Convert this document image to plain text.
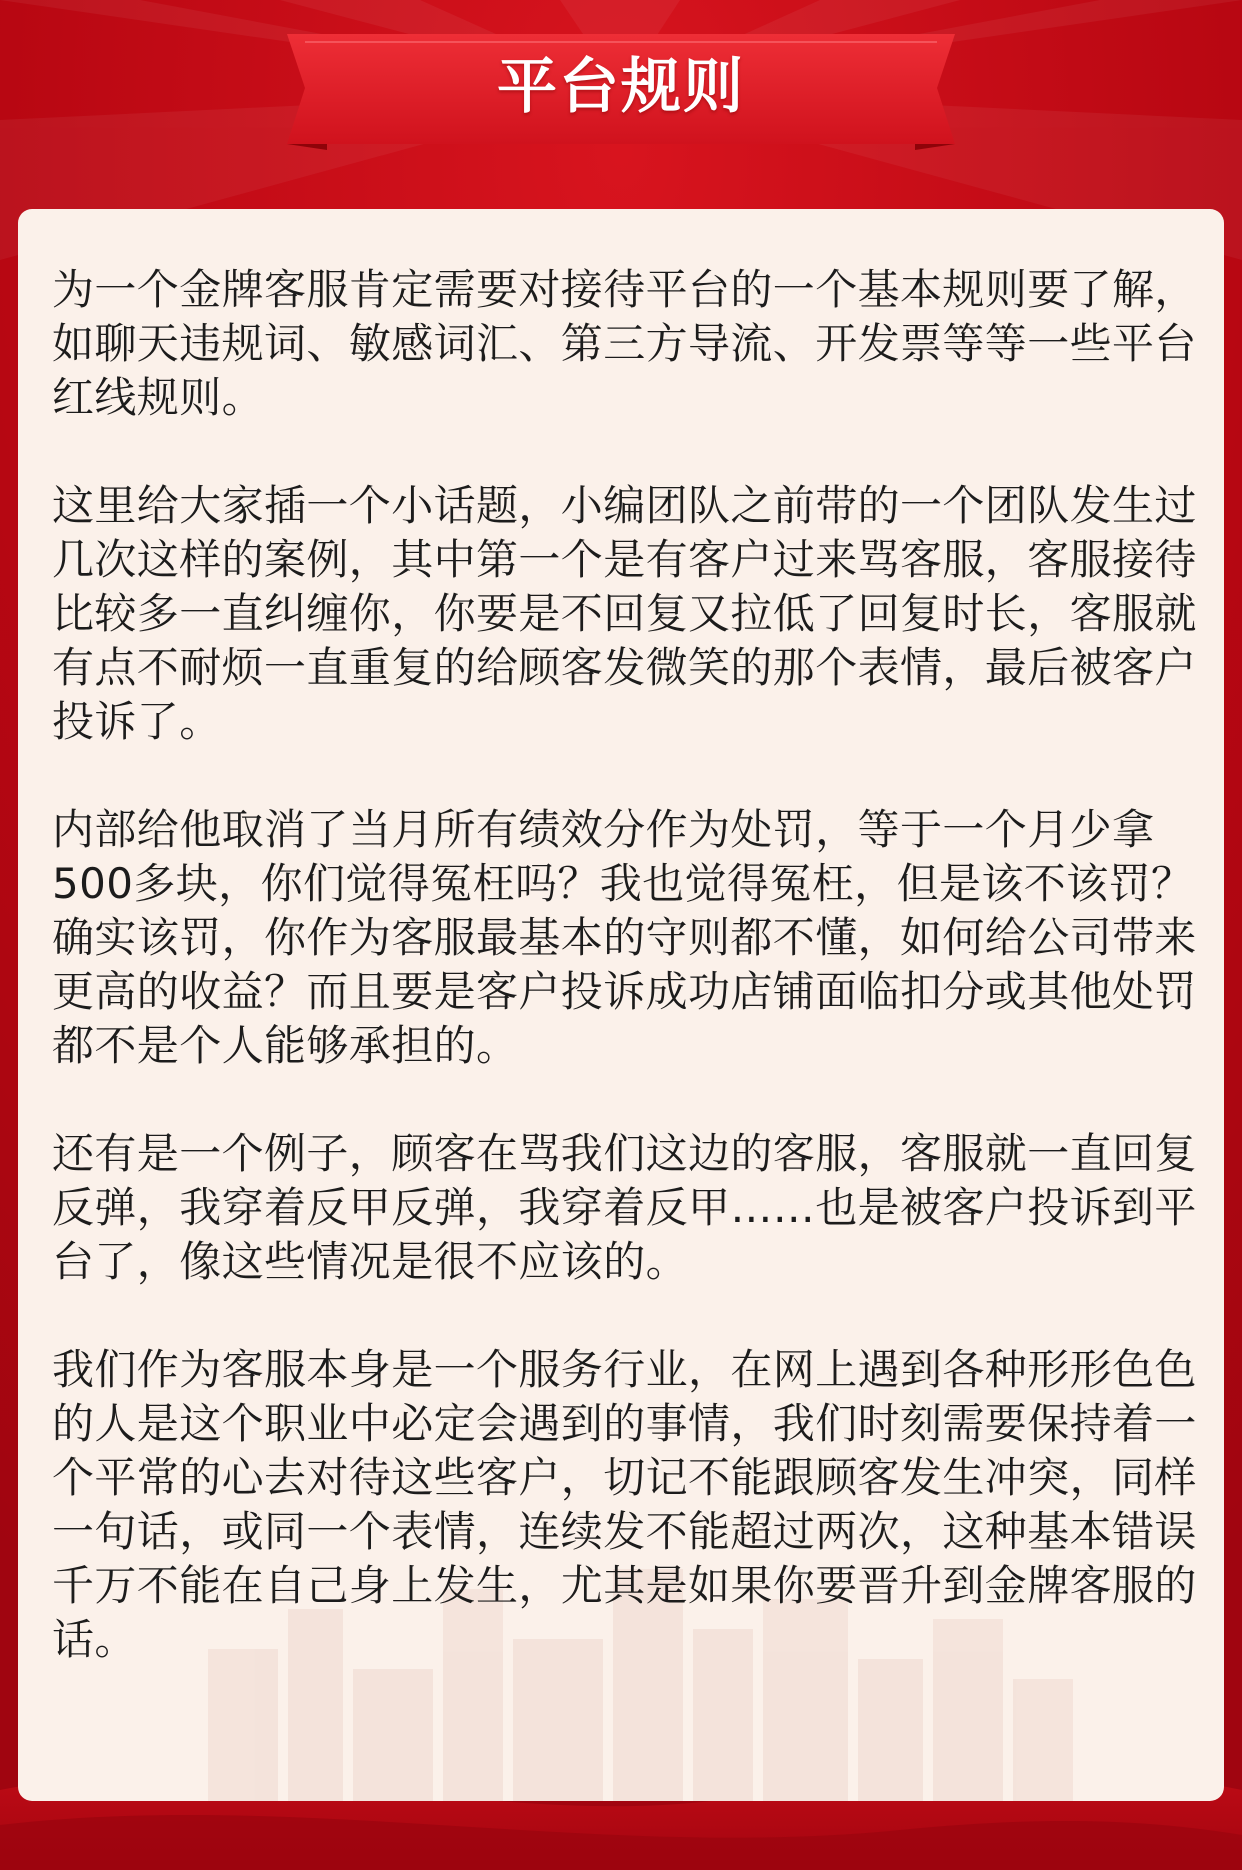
平台规则

为一个金牌客服肯定需要对接待平台的一个基本规则要了解，如聊天违规词、敏感词汇、第三方导流、开发票等等一些平台红线规则。

这里给大家插一个小话题，小编团队之前带的一个团队发生过几次这样的案例，其中第一个是有客户过来骂客服，客服接待比较多一直纠缠你，你要是不回复又拉低了回复时长，客服就有点不耐烦一直重复的给顾客发微笑的那个表情，最后被客户投诉了。

内部给他取消了当月所有绩效分作为处罚，等于一个月少拿500多块，你们觉得冤枉吗？我也觉得冤枉，但是该不该罚？确实该罚，你作为客服最基本的守则都不懂，如何给公司带来更高的收益？而且要是客户投诉成功店铺面临扣分或其他处罚都不是个人能够承担的。

还有是一个例子，顾客在骂我们这边的客服，客服就一直回复反弹，我穿着反甲反弹，我穿着反甲……也是被客户投诉到平台了，像这些情况是很不应该的。

我们作为客服本身是一个服务行业，在网上遇到各种形形色色的人是这个职业中必定会遇到的事情，我们时刻需要保持着一个平常的心去对待这些客户，切记不能跟顾客发生冲突，同样一句话，或同一个表情，连续发不能超过两次，这种基本错误千万不能在自己身上发生，尤其是如果你要晋升到金牌客服的话。
